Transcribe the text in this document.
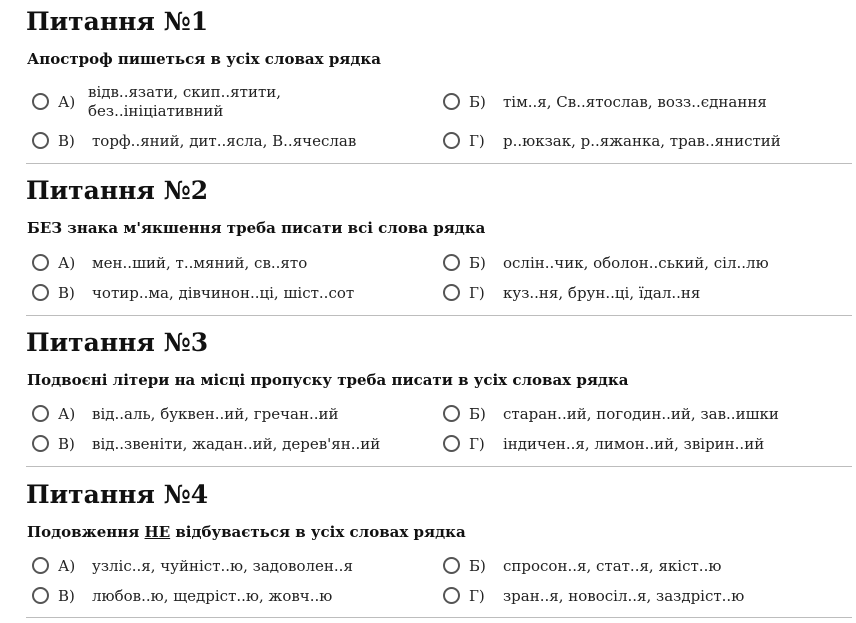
Питання №1
Апостроф пишеться в усіх словах рядка
А)
відв..язати, скип..ятити,
без..ініціативний	Б) тім..я, Св..ятослав, возз..єднання
В) торф..яний, дит..ясла, В..ячеслав	Г) р..юкзак, р..яжанка, трав..янистий
Питання №2
БЕЗ знака м'якшення треба писати всі слова рядка
А) мен..ший, т..мяний, св..ято	Б) ослін..чик, оболон..ський, сіл..лю
В) чотир..ма, дівчинон..ці, шіст..сот	Г) куз..ня, брун..ці, їдал..ня
Питання №3
Подвоєні літери на місці пропуску треба писати в усіх словах рядка
А) від..аль, буквен..ий, гречан..ий	Б) старан..ий, погодин..ий, зав..ишки
В) від..звеніти, жадан..ий, дерев'ян..ий	Г) індичен..я, лимон..ий, звірин..ий
Питання №4
Подовження НЕ відбувається в усіх словах рядка
А) узліс..я, чуйніст..ю, задоволен..я	Б) спросон..я, стат..я, якіст..ю
В) любов..ю, щедріст..ю, жовч..ю	Г) зран..я, новосіл..я, заздріст..ю
